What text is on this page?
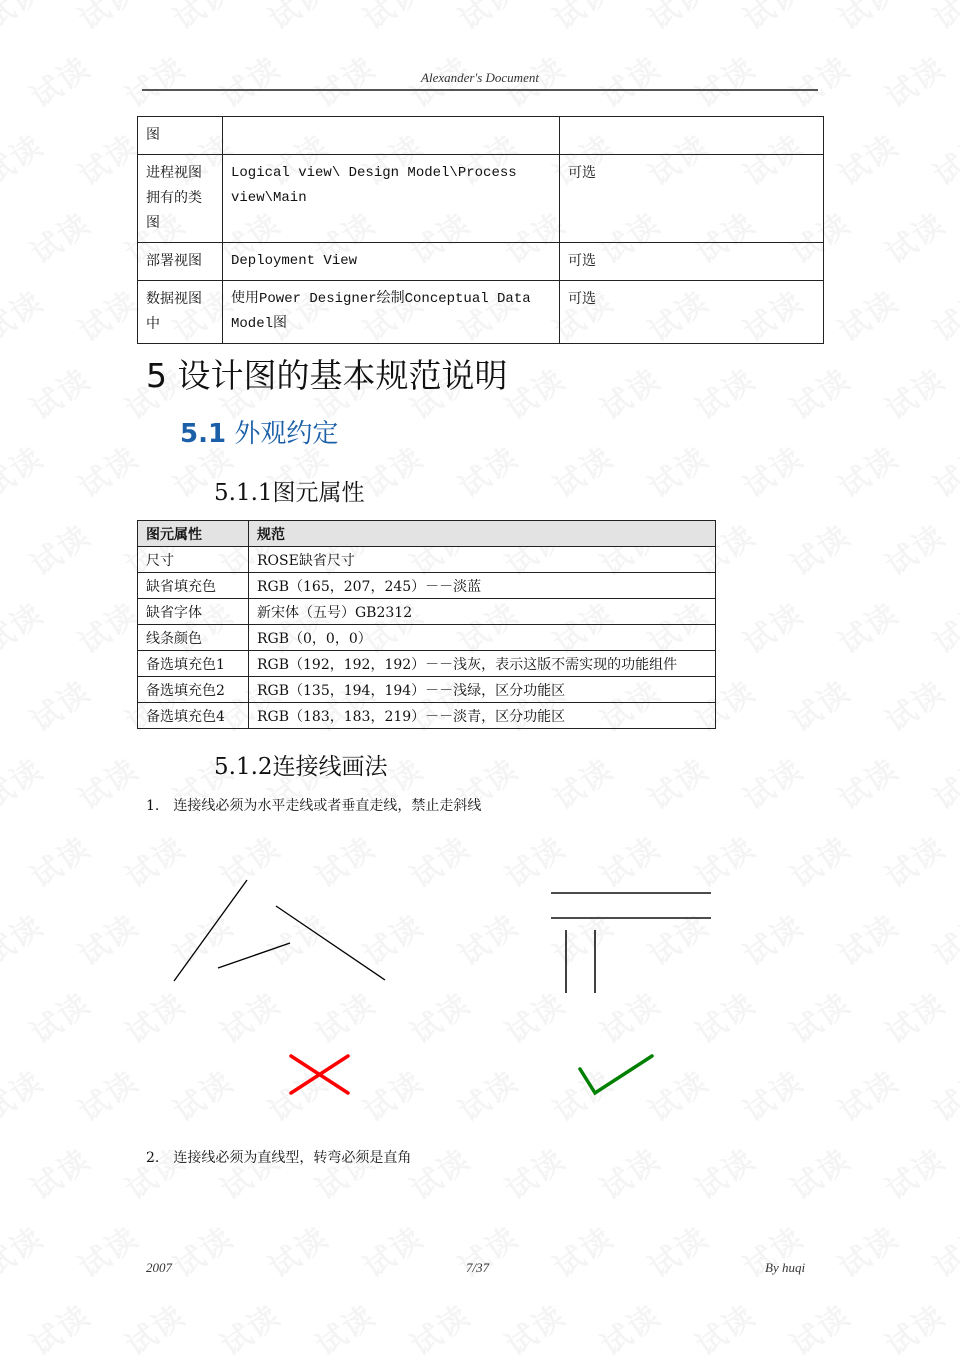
Alexander's Document
图		
进程视图拥有的类图	Logical view\ Design Model\Process view\Main	可选
部署视图	Deployment View	可选
数据视图中	使用Power Designer绘制Conceptual Data Model图	可选
5 设计图的基本规范说明
5.1 外观约定
5.1.1图元属性
图元属性	规范
尺寸	ROSE缺省尺寸
缺省填充色	RGB（165，207，245）－－淡蓝
缺省字体	新宋体（五号）GB2312
线条颜色	RGB（0，0，0）
备选填充色1	RGB（192，192，192）－－浅灰，表示这版不需实现的功能组件
备选填充色2	RGB（135，194，194）－－浅绿，区分功能区
备选填充色4	RGB（183，183，219）－－淡青，区分功能区
5.1.2连接线画法
1. 连接线必须为水平走线或者垂直走线，禁止走斜线
2. 连接线必须为直线型，转弯必须是直角
2007	7/37	By huqi
